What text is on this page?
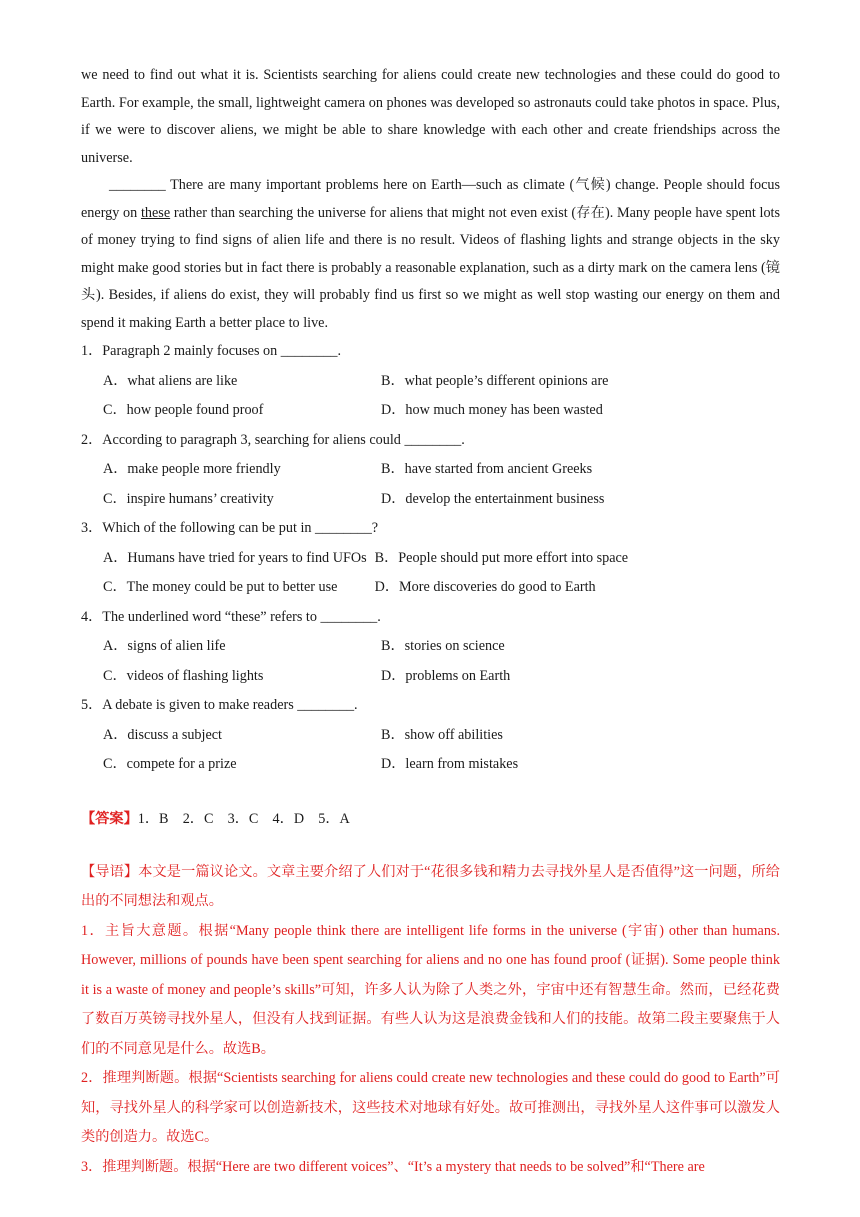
we need to find out what it is. Scientists searching for aliens could create new technologies and these could do good to Earth. For example, the small, lightweight camera on phones was developed so astronauts could take photos in space. Plus, if we were to discover aliens, we might be able to share knowledge with each other and create friendships across the universe.

________ There are many important problems here on Earth—such as climate (气候) change. People should focus energy on these rather than searching the universe for aliens that might not even exist (存在). Many people have spent lots of money trying to find signs of alien life and there is no result. Videos of flashing lights and strange objects in the sky might make good stories but in fact there is probably a reasonable explanation, such as a dirty mark on the camera lens (镜头). Besides, if aliens do exist, they will probably find us first so we might as well stop wasting our energy on them and spend it making Earth a better place to live.

1．Paragraph 2 mainly focuses on ________.

A．what aliens are like	B．what people’s different opinions are
C．how people found proof	D．how much money has been wasted

2．According to paragraph 3, searching for aliens could ________.

A．make people more friendly	B．have started from ancient Greeks
C．inspire humans’ creativity	D．develop the entertainment business

3．Which of the following can be put in ________?

A．Humans have tried for years to find UFOs B．People should put more effort into space
C．The money could be put to better use	D．More discoveries do good to Earth

4．The underlined word “these” refers to ________.

A．signs of alien life	B．stories on science
C．videos of flashing lights	D．problems on Earth

5．A debate is given to make readers ________.

A．discuss a subject	B．show off abilities
C．compete for a prize	D．learn from mistakes
【答案】1．B　2．C　3．C　4．D　5．A

【导语】本文是一篇议论文。文章主要介绍了人们对于“花很多钱和精力去寻找外星人是否值得”这一问题，所给出的不同想法和观点。

1．主旨大意题。根据“Many people think there are intelligent life forms in the universe (宇宙) other than humans. However, millions of pounds have been spent searching for aliens and no one has found proof (证据). Some people think it is a waste of money and people’s skills”可知，许多人认为除了人类之外，宇宙中还有智慧生命。然而，已经花费了数百万英镑寻找外星人，但没有人找到证据。有些人认为这是浪费金钱和人们的技能。故第二段主要聚焦于人们的不同意见是什么。故选B。

2．推理判断题。根据“Scientists searching for aliens could create new technologies and these could do good to Earth”可知，寻找外星人的科学家可以创造新技术，这些技术对地球有好处。故可推测出，寻找外星人这件事可以激发人类的创造力。故选C。

3．推理判断题。根据“Here are two different voices”、“It’s a mystery that needs to be solved”和“There are
